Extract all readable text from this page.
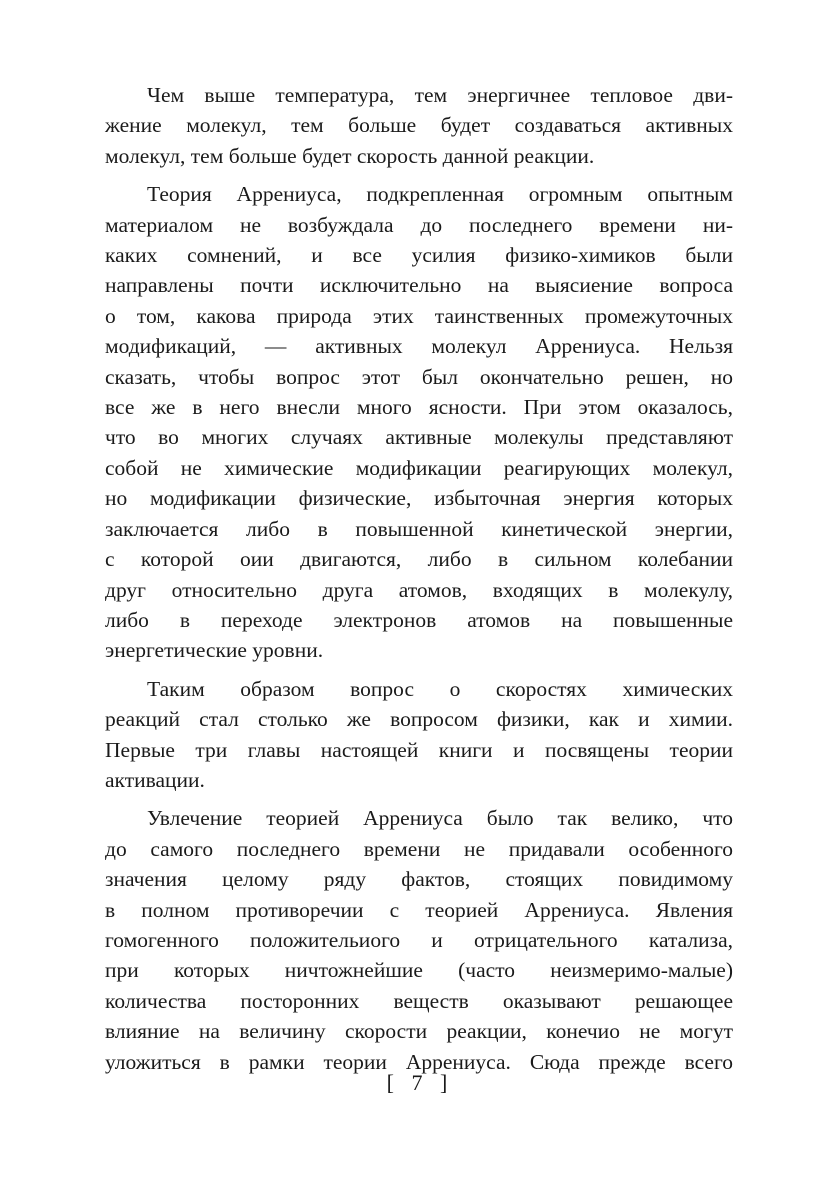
Чем выше температура, тем энергичнее тепловое дви-
жение молекул, тем больше будет создаваться активных
молекул, тем больше будет скорость данной реакции.
Теория Аррениуса, подкрепленная огромным опытным
материалом не возбуждала до последнего времени ни-
каких сомнений, и все усилия физико-химиков были
направлены почти исключительно на выясиение вопроса
о том, какова природа этих таинственных промежуточных
модификаций, — активных молекул Аррениуса. Нельзя
сказать, чтобы вопрос этот был окончательно решен, но
все же в него внесли много ясности. При этом оказалось,
что во многих случаях активные молекулы представляют
собой не химические модификации реагирующих молекул,
но модификации физические, избыточная энергия которых
заключается либо в повышенной кинетической энергии,
с которой оии двигаются, либо в сильном колебании
друг относительно друга атомов, входящих в молекулу,
либо в переходе электронов атомов на повышенные
энергетические уровни.
Таким образом вопрос о скоростях химических
реакций стал столько же вопросом физики, как и химии.
Первые три главы настоящей книги и посвящены теории
активации.
Увлечение теорией Аррениуса было так велико, что
до самого последнего времени не придавали особенного
значения целому ряду фактов, стоящих повидимому
в полном противоречии с теорией Аррениуса. Явления
гомогенного положительиого и отрицательного катализа,
при которых ничтожнейшие (часто неизмеримо-малые)
количества посторонних веществ оказывают решающее
влияние на величину скорости реакции, конечио не могут
уложиться в рамки теории Аррениуса. Сюда прежде всего
[ 7 ]
